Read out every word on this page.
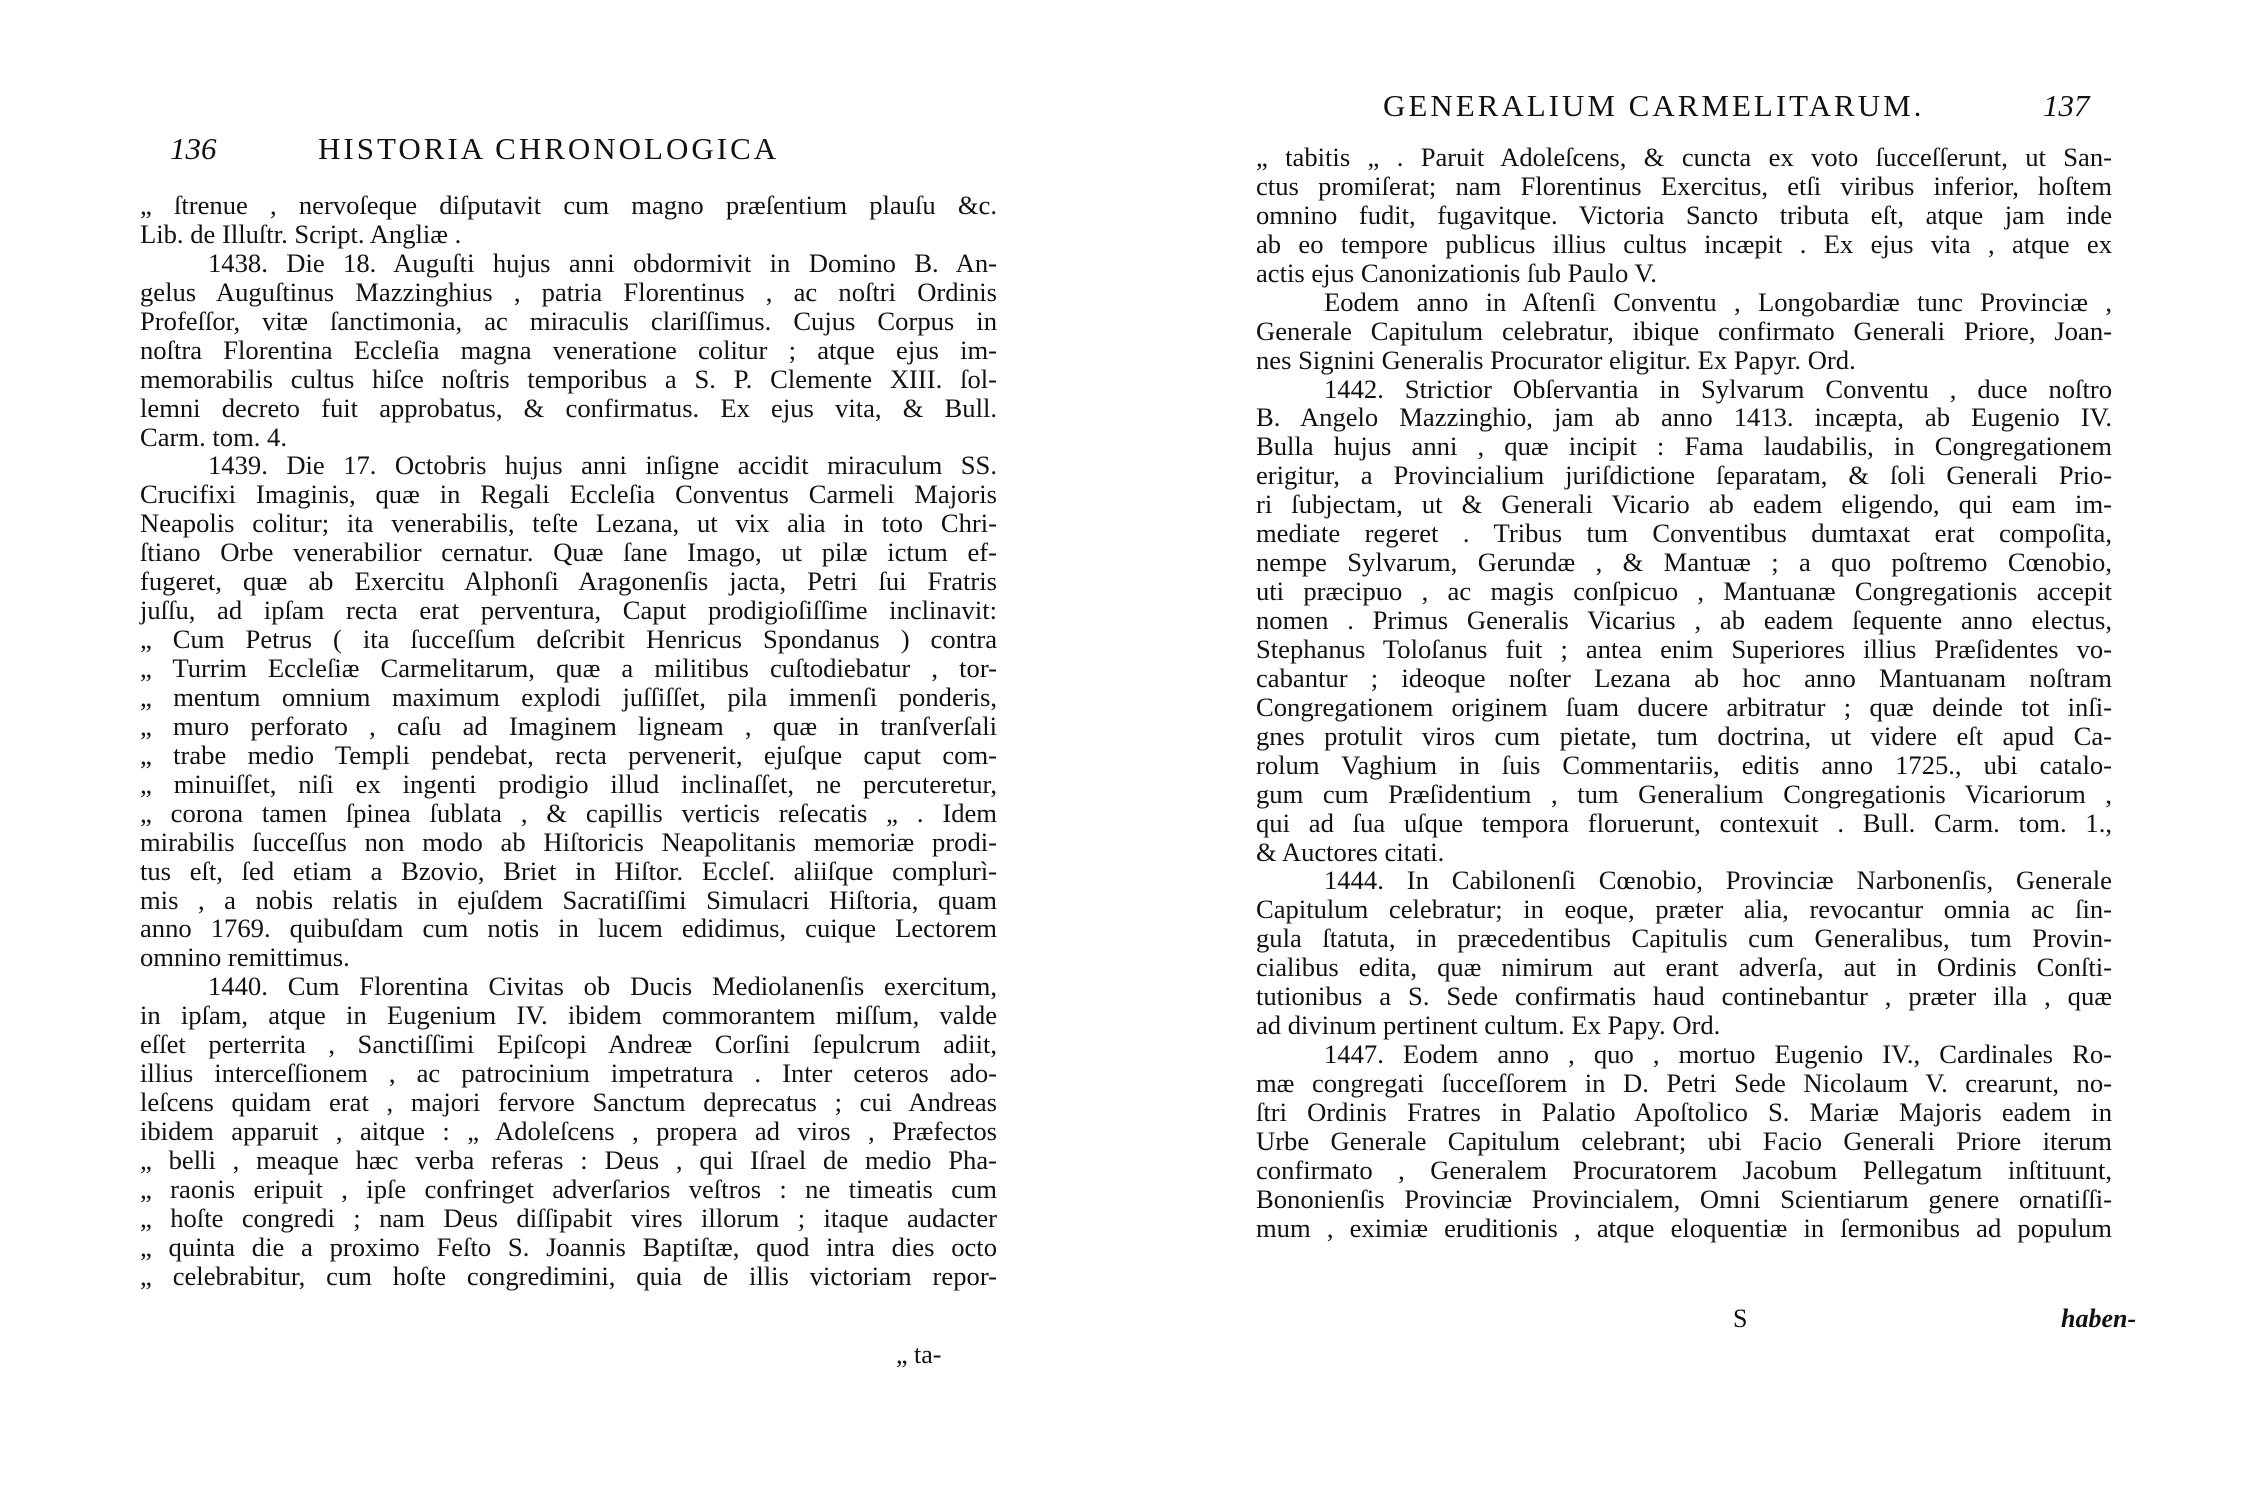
136	HISTORIA CHRONOLOGICA
„ ſtrenue , nervoſeque diſputavit cum magno præſentium plauſu &c.
Lib. de Illuſtr. Script. Angliæ .
1438. Die 18. Auguſti hujus anni obdormivit in Domino B. An-
gelus Auguſtinus Mazzinghius , patria Florentinus , ac noſtri Ordinis
Profeſſor, vitæ ſanctimonia, ac miraculis clariſſimus. Cujus Corpus in
noſtra Florentina Eccleſia magna veneratione colitur ; atque ejus im-
memorabilis cultus hiſce noſtris temporibus a S. P. Clemente XIII. ſol-
lemni decreto fuit approbatus, & confirmatus. Ex ejus vita, & Bull.
Carm. tom. 4.
1439. Die 17. Octobris hujus anni inſigne accidit miraculum SS.
Crucifixi Imaginis, quæ in Regali Eccleſia Conventus Carmeli Majoris
Neapolis colitur; ita venerabilis, teſte Lezana, ut vix alia in toto Chri-
ſtiano Orbe venerabilior cernatur. Quæ ſane Imago, ut pilæ ictum ef-
fugeret, quæ ab Exercitu Alphonſi Aragonenſis jacta, Petri ſui Fratris
juſſu, ad ipſam recta erat perventura, Caput prodigioſiſſime inclinavit:
„ Cum Petrus ( ita ſucceſſum deſcribit Henricus Spondanus ) contra
„ Turrim Eccleſiæ Carmelitarum, quæ a militibus cuſtodiebatur , tor-
„ mentum omnium maximum explodi juſſiſſet, pila immenſi ponderis,
„ muro perforato , caſu ad Imaginem ligneam , quæ in tranſverſali
„ trabe medio Templi pendebat, recta pervenerit, ejuſque caput com-
„ minuiſſet, niſi ex ingenti prodigio illud inclinaſſet, ne percuteretur,
„ corona tamen ſpinea ſublata , & capillis verticis reſecatis „ . Idem
mirabilis ſucceſſus non modo ab Hiſtoricis Neapolitanis memoriæ prodi-
tus eſt, ſed etiam a Bzovio, Briet in Hiſtor. Eccleſ. aliiſque complurì-
mis , a nobis relatis in ejuſdem Sacratiſſimi Simulacri Hiſtoria, quam
anno 1769. quibuſdam cum notis in lucem edidimus, cuique Lectorem
omnino remittimus.
1440. Cum Florentina Civitas ob Ducis Mediolanenſis exercitum,
in ipſam, atque in Eugenium IV. ibidem commorantem miſſum, valde
eſſet perterrita , Sanctiſſimi Epiſcopi Andreæ Corſini ſepulcrum adiit,
illius interceſſionem , ac patrocinium impetratura . Inter ceteros ado-
leſcens quidam erat , majori fervore Sanctum deprecatus ; cui Andreas
ibidem apparuit , aitque : „ Adoleſcens , propera ad viros , Præfectos
„ belli , meaque hæc verba referas : Deus , qui Iſrael de medio Pha-
„ raonis eripuit , ipſe confringet adverſarios veſtros : ne timeatis cum
„ hoſte congredi ; nam Deus diſſipabit vires illorum ; itaque audacter
„ quinta die a proximo Feſto S. Joannis Baptiſtæ, quod intra dies octo
„ celebrabitur, cum hoſte congredimini, quia de illis victoriam repor-
„ ta-
GENERALIUM CARMELITARUM.	137
„ tabitis „ . Paruit Adoleſcens, & cuncta ex voto ſucceſſerunt, ut San-
ctus promiſerat; nam Florentinus Exercitus, etſi viribus inferior, hoſtem
omnino fudit, fugavitque. Victoria Sancto tributa eſt, atque jam inde
ab eo tempore publicus illius cultus incæpit . Ex ejus vita , atque ex
actis ejus Canonizationis ſub Paulo V.
Eodem anno in Aſtenſi Conventu , Longobardiæ tunc Provinciæ ,
Generale Capitulum celebratur, ibique confirmato Generali Priore, Joan-
nes Signini Generalis Procurator eligitur. Ex Papyr. Ord.
1442. Strictior Obſervantia in Sylvarum Conventu , duce noſtro
B. Angelo Mazzinghio, jam ab anno 1413. incæpta, ab Eugenio IV.
Bulla hujus anni , quæ incipit : Fama laudabilis, in Congregationem
erigitur, a Provincialium juriſdictione ſeparatam, & ſoli Generali Prio-
ri ſubjectam, ut & Generali Vicario ab eadem eligendo, qui eam im-
mediate regeret . Tribus tum Conventibus dumtaxat erat compoſita,
nempe Sylvarum, Gerundæ , & Mantuæ ; a quo poſtremo Cœnobio,
uti præcipuo , ac magis conſpicuo , Mantuanæ Congregationis accepit
nomen . Primus Generalis Vicarius , ab eadem ſequente anno electus,
Stephanus Toloſanus fuit ; antea enim Superiores illius Præſidentes vo-
cabantur ; ideoque noſter Lezana ab hoc anno Mantuanam noſtram
Congregationem originem ſuam ducere arbitratur ; quæ deinde tot inſi-
gnes protulit viros cum pietate, tum doctrina, ut videre eſt apud Ca-
rolum Vaghium in ſuis Commentariis, editis anno 1725., ubi catalo-
gum cum Præſidentium , tum Generalium Congregationis Vicariorum ,
qui ad ſua uſque tempora floruerunt, contexuit . Bull. Carm. tom. 1.,
& Auctores citati.
1444. In Cabilonenſi Cœnobio, Provinciæ Narbonenſis, Generale
Capitulum celebratur; in eoque, præter alia, revocantur omnia ac ſin-
gula ſtatuta, in præcedentibus Capitulis cum Generalibus, tum Provin-
cialibus edita, quæ nimirum aut erant adverſa, aut in Ordinis Conſti-
tutionibus a S. Sede confirmatis haud continebantur , præter illa , quæ
ad divinum pertinent cultum. Ex Papy. Ord.
1447. Eodem anno , quo , mortuo Eugenio IV., Cardinales Ro-
mæ congregati ſucceſſorem in D. Petri Sede Nicolaum V. crearunt, no-
ſtri Ordinis Fratres in Palatio Apoſtolico S. Mariæ Majoris eadem in
Urbe Generale Capitulum celebrant; ubi Facio Generali Priore iterum
confirmato , Generalem Procuratorem Jacobum Pellegatum inſtituunt,
Bononienſis Provinciæ Provincialem, Omni Scientiarum genere ornatiſſi-
mum , eximiæ eruditionis , atque eloquentiæ in ſermonibus ad populum
S	haben-
